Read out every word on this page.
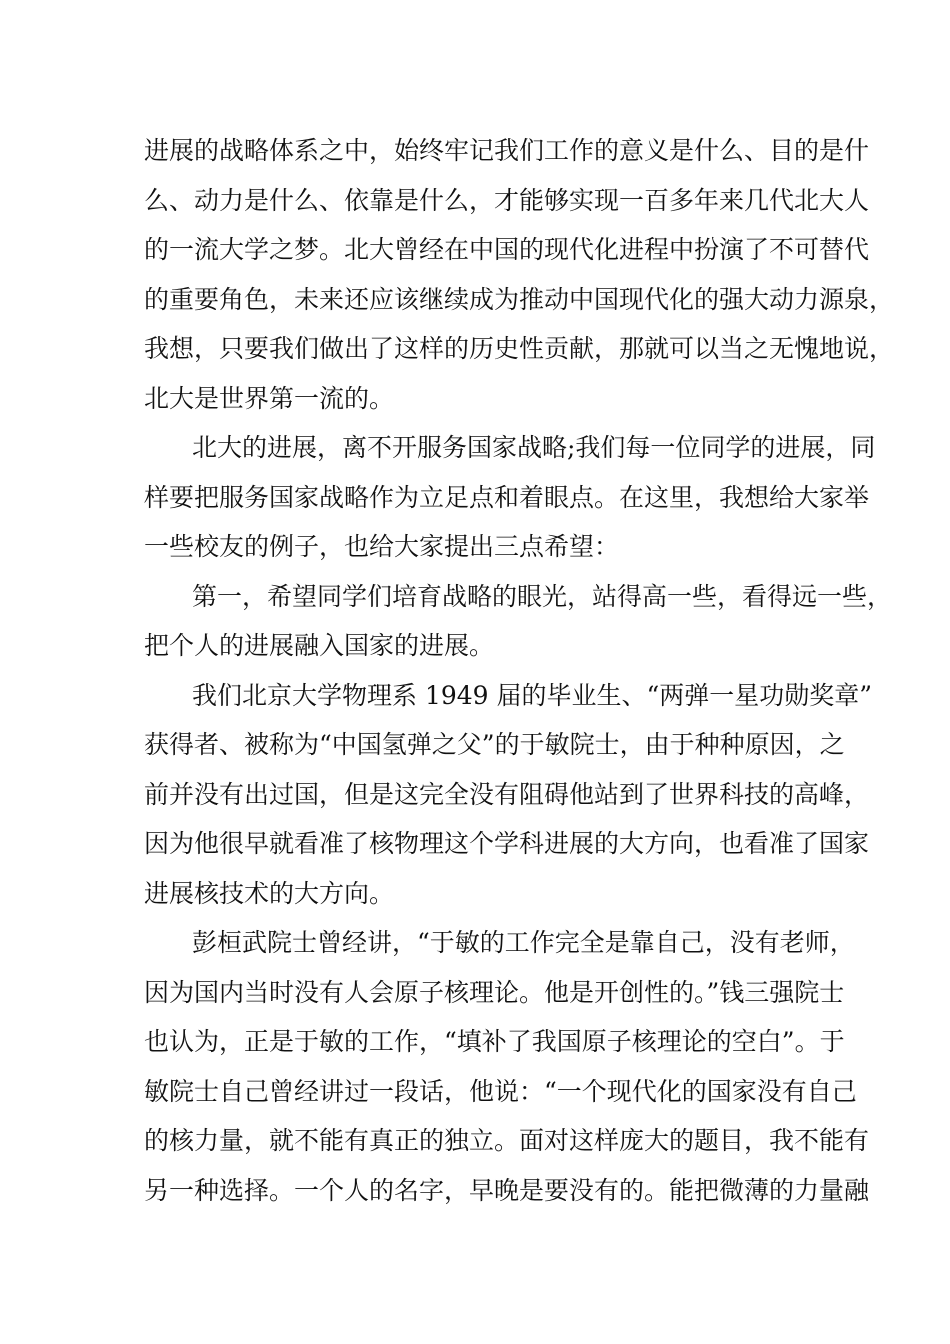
进展的战略体系之中，始终牢记我们工作的意义是什么、目的是什
么、动力是什么、依靠是什么，才能够实现一百多年来几代北大人
的一流大学之梦。北大曾经在中国的现代化进程中扮演了不可替代
的重要角色，未来还应该继续成为推动中国现代化的强大动力源泉，
我想，只要我们做出了这样的历史性贡献，那就可以当之无愧地说，
北大是世界第一流的。
北大的进展，离不开服务国家战略;我们每一位同学的进展，同
样要把服务国家战略作为立足点和着眼点。在这里，我想给大家举
一些校友的例子，也给大家提出三点希望：
第一，希望同学们培育战略的眼光，站得高一些，看得远一些，
把个人的进展融入国家的进展。
我们北京大学物理系 1949 届的毕业生、“两弹一星功勋奖章”
获得者、被称为“中国氢弹之父”的于敏院士，由于种种原因，之
前并没有出过国，但是这完全没有阻碍他站到了世界科技的高峰，
因为他很早就看准了核物理这个学科进展的大方向，也看准了国家
进展核技术的大方向。
彭桓武院士曾经讲，“于敏的工作完全是靠自己，没有老师，
因为国内当时没有人会原子核理论。他是开创性的。”钱三强院士
也认为，正是于敏的工作，“填补了我国原子核理论的空白”。于
敏院士自己曾经讲过一段话，他说：“一个现代化的国家没有自己
的核力量，就不能有真正的独立。面对这样庞大的题目，我不能有
另一种选择。一个人的名字，早晚是要没有的。能把微薄的力量融
